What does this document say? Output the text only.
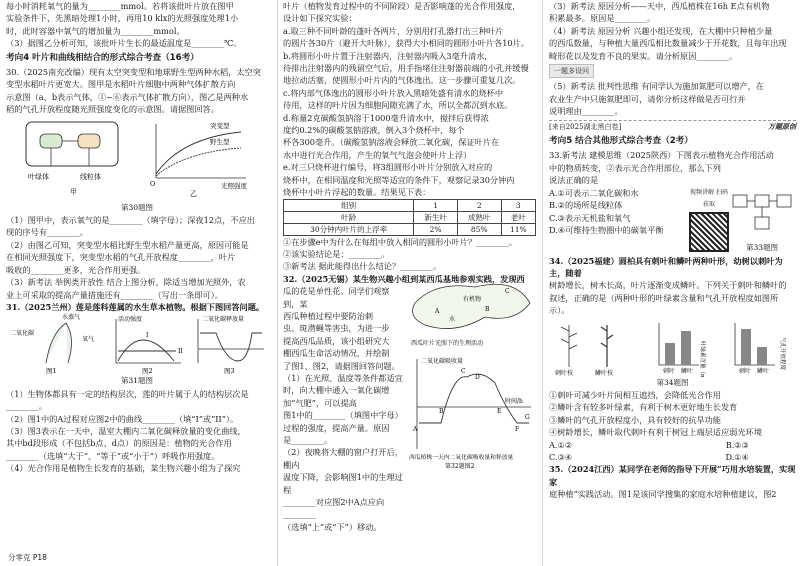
每小时消耗氧气的量为________mmol。若将该批叶片放在图甲

实验条件下，先黑暗处理1小时，再用10 klx的光照强度处理1小

时，此时容器中氧气的增加量为________mmol。

（3）据图乙分析可知，该批叶片生长的最适温度是________℃。

考向4 叶片和曲线相结合的形式综合考查（16考）

30.（2025南充改编）现有太空突变型和地球野生型两种水稻，太空突

变型水稻叶片更宽大。图甲是水稻叶片细胞中两种气体扩散方向

示意图（a、b表示气体，①~⑥表示气体扩散方向），图乙是两种水

稻的气孔开放程度随光照强度变化的示意图。请据图回答。

叶绿体	线粒体
甲
突变型
野生型
光照强度
O
乙
第30题图

（1）图甲中，表示氧气的是________（填字母）；深夜12点，不应出

现的序号有________。

（2）由图乙可知，突变型水稻比野生型水稻产量更高，原因可能是

在相同光照强度下，突变型水稻的气孔开放程度________，叶片

吸收的________更多，光合作用更强。

（3）新考法 举例类开放性 结合上图分析，除适当增加光照外，农

业上可采取的提高产量措施还有________（写出一条即可）。

31.（2025兰州）莲是莲科莲属的水生草本植物。根据下图回答问题。

二氧化碳
水蒸气
氧气
图1
活动强度
I
II
图2
二氧化碳释放量
图3
第31题图

（1）生物体都具有一定的结构层次，莲的叶片属于人的结构层次是

________。

（2）图1中的A过程对应图2中的曲线________（填“I”或“II”）。

（3）图3表示在一天中，温室大棚内二氧化碳释放量的变化曲线，

其中bd段形成（不包括b点、d点）的原因是：植物的光合作用

________（选填“大于”、“等于”或“小于”）呼吸作用强度。

（4）光合作用是植物生长发育的基础，某生物兴趣小组为了探究

分零克 P18

叶片（植物发育过程中的不同阶段）是否影响蓬的光合作用强度，

设计如下探究实验：

a.取三种不同叶龄的蓬叶各两片，分别用打孔器打出三种叶片

的圆片各30片（避开大叶脉），获得大小相同的圆形小叶片各10片。

b.将圆形小叶片置于注射器内，注射器内吸入3毫升清水，

待排出注射器内的残留空气后，用手指堵住注射器前端的小孔并缓慢

地拉动活塞，使圆形小叶片内的气体逸出。这一步骤可重复几次。

c.将内部气体逸出的圆形小叶片放入黑暗处盛有清水的烧杯中

待用，这样的叶片因为细胞间隙充满了水，所以全都沉到水底。

d.称量2克碳酸氢钠溶于1000毫升清水中，搅拌后获得浓

度约0.2%的碳酸氢钠溶液，倒入3个烧杯中，每个

杯各300毫升。（碳酸氢钠溶液会释放二氧化碳，保证叶片在

水中进行光合作用，产生的氧气气泡会使叶片上浮）

e.对三只烧杯进行编号，将3组圆形小叶片分别放入对应的

烧杯中，在相同温度和光照等适宜的条件下，观察记录30分钟内

烧杯中小叶片浮起的数量。结果见下表：

组别	1	2	3
叶龄	新生叶	成熟叶	老叶
30分钟内叶片的上浮率	2%	85%	11%

①在步骤e中为什么在每组中放入相同的圆形小叶片？________。

②该实验结论是：________。

③新考法 据此能得出什么结论？________。

32.（2025无锡）某生物兴趣小组到某西瓜基地参观实践，发现西

瓜的花是单性花。同学们观察到，某

西瓜种植过程中要防治刺

虫、斑潜蝇等害虫，为进一步

提高西瓜品质，该小组研究大

棚西瓜生命活动情况，并绘制

了图1、图2，请据图回答问题。

（1）在光照、温度等条件都适宜

时，向大棚中通入一氧化碳增加“气肥”，可以提高

图1中的________（填图中字母）过程的强度，提高产量。原因

是________。

（2）夜晚将大棚的窗户打开后，棚内

温度下降，会影响图1中的生理过程

________对应图2中A点应向________

（选填“上”或“下”）移动。

有机物
A	B
C
水
西瓜叶片光照下的生理活动
二氧化碳吸收量
时间/h
A
B
C
D
E
F
G
西瓜植株一天内二氧化碳吸收量和释放量
第32题图2

（3）新考法 原因分析——天中，西瓜植株在16h E点有机物

积累最多。原因是________。

（4）新考法 原因分析 兴趣小组还发现，在大棚中只种植少量

的西瓜数量，与种植大量西瓜相比数量减少于开花数，且每年出现

畸形花以及发育不良的果实。请分析原因________。

一题多设问

（5）新考法 批判性思维 有同学认为施加氮肥可以增产，在

农业生产中只施氮肥即可，请你分析这样做是否可行并

说明理由________。

[来自2025湖北黑白卷]	万题原创
考向5 结合其他形式综合考查（2考）

33.新考法 建模思维（2025陕西）下图表示植物光合作用活动

中的物质转变，②表示光合作用部位，那么下列

说法正确的是

A.①可表示二氧化碳和水

B.②的场所是线粒体

C.③表示无机盐和氧气

D.④可维持生物圈中的碳氧平衡

视频讲解 扫码获取
第33题图

34.（2025福建）圆柏具有刺叶和鳞叶两种叶形，幼树以刺叶为主，随着

树龄增长，树木长高，叶片逐渐变成鳞叶。下列关于刺叶和鳞叶的

叙述，正确的是（两种叶形的叶绿素含量和气孔开放程度如图所示）。

刺叶枝	鳞叶枝	刺叶 鳞叶	刺叶 鳞叶
叶绿素含量（mg·g⁻¹）	气孔开放程度
第34题图

①刺叶可减少叶片间相互遮挡，会降低光合作用

②鳞叶含有较多叶绿素，有利于树木更好地生长发育

③鳞叶的气孔开放程度小，具有较好的抗旱功能

④树龄增长，鳞叶取代刺叶有利于树冠上端层适应弱光环境

A.①②	B.②③
C.③④	D.①④

35.（2024江西）某同学在老师的指导下开展“巧用水培装置，实现家

庭种植”实践活动。图1是该同学搜集的家庭水培种植建议，图2
